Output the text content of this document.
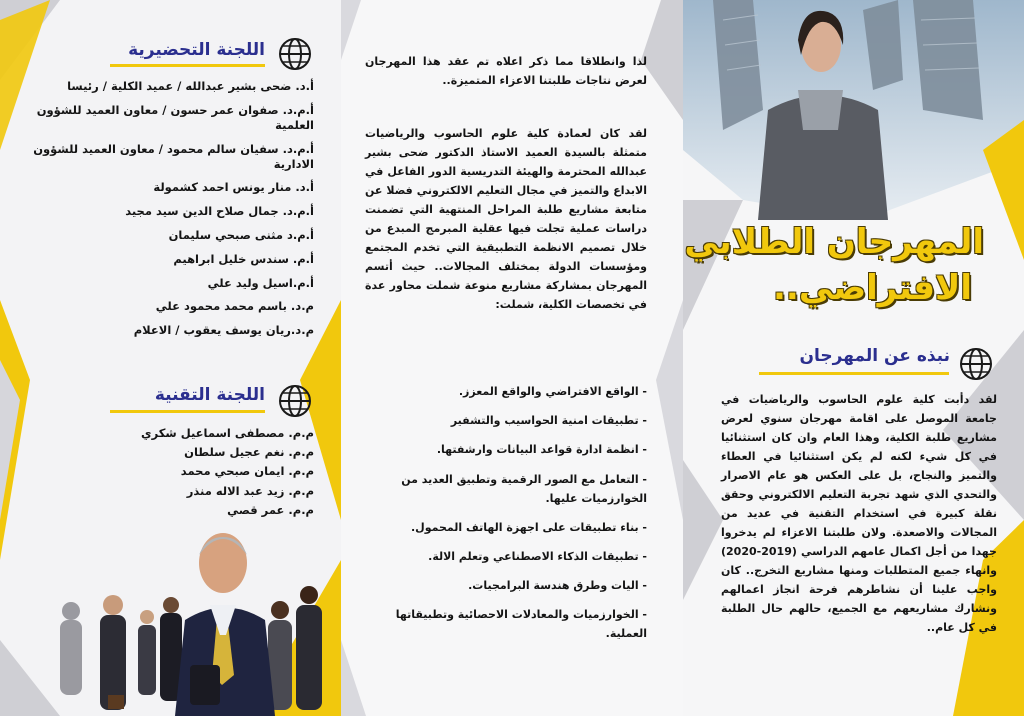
اللجنة التحضيرية
أ.د. ضحى بشير عبدالله / عميد الكلية / رئيسا
أ.م.د. صفوان عمر حسون / معاون العميد للشؤون العلمية
أ.م.د. سفيان سالم محمود / معاون العميد للشؤون الادارية
أ.د. منار يونس احمد كشمولة
أ.م.د. جمال صلاح الدين سيد مجيد
أ.م.د مثنى صبحي سليمان
أ.م. سندس خليل ابراهيم
أ.م.اسيل وليد علي
م.د. باسم محمد محمود علي
م.د.ريان يوسف يعقوب / الاعلام
اللجنة التقنية
م.م. مصطفى اسماعيل شكري
م.م. نغم عجيل سلطان
م.م. ايمان صبحي محمد
م.م. زيد عبد الاله منذر
م.م. عمر قصي
لذا وانطلاقا مما ذكر اعلاه تم عقد هذا المهرجان لعرض نتاجات طلبتنا الاعزاء المتميزة..
لقد كان لعمادة كلية علوم الحاسوب والرياضيات متمثلة بالسيدة العميد الاستاذ الدكتور ضحى بشير عبدالله المحترمة والهيئة التدريسية الدور الفاعل في الابداع والتميز في مجال التعليم الالكتروني فضلا عن متابعة مشاريع طلبة المراحل المنتهية التي تضمنت دراسات عملية تجلت فيها عقلية المبرمج المبدع من خلال تصميم الانظمة التطبيقية التي تخدم المجتمع ومؤسسات الدولة بمختلف المجالات.. حيث أتسم المهرجان بمشاركة مشاريع منوعة شملت محاور عدة في تخصصات الكلية، شملت:
- الواقع الافتراضي والواقع المعزز.
- تطبيقات امنية الحواسيب والتشفير
- انظمة ادارة قواعد البيانات وارشفتها.
- التعامل مع الصور الرقمية وتطبيق العديد من الخوارزميات عليها.
- بناء تطبيقات على اجهزة الهاتف المحمول.
- تطبيقات الذكاء الاصطناعي وتعلم الالة.
- اليات وطرق هندسة البرامجيات.
- الخوارزميات والمعادلات الاحصائية وتطبيقاتها العملية.
المهرجان الطلابي
الافتراضي..
نبذه عن المهرجان
لقد دأبت كلية علوم الحاسوب والرياضيات في جامعة الموصل على اقامة مهرجان سنوي لعرض مشاريع طلبة الكلية، وهذا العام وان كان استثنائيا في كل شيء لكنه لم يكن استثنائيا في العطاء والتميز والنجاح، بل على العكس هو عام الاصرار والتحدي الذي شهد تجربة التعليم الالكتروني وحقق نقلة كبيرة في استخدام التقنية في عديد من المجالات والاصعدة. ولان طلبتنا الاعزاء لم يدخروا جهدا من أجل اكمال عامهم الدراسي (2019-2020) وانهاء جميع المتطلبات ومنها مشاريع التخرج.. كان واجب علينا أن نشاطرهم فرحة انجاز اعمالهم ونشارك مشاريعهم مع الجميع، حالهم حال الطلبة في كل عام..
